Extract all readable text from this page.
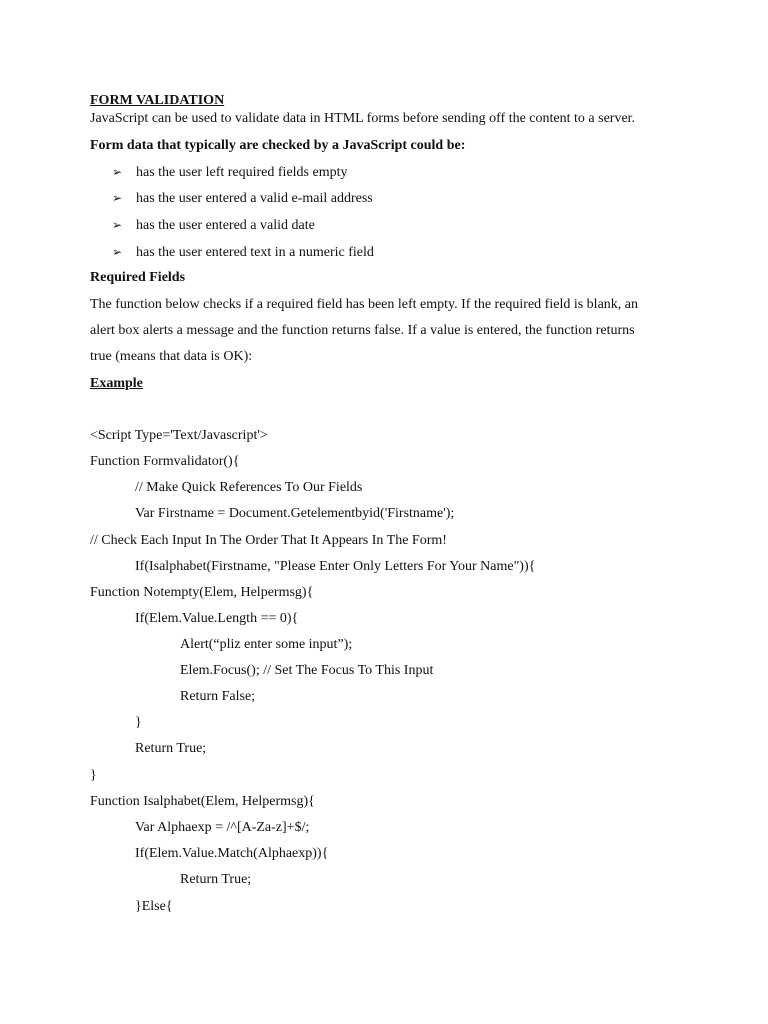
FORM VALIDATION
JavaScript can be used to validate data in HTML forms before sending off the content to a server.
Form data that typically are checked by a JavaScript could be:
➢ has the user left required fields empty
➢ has the user entered a valid e-mail address
➢ has the user entered a valid date
➢ has the user entered text in a numeric field
Required Fields
The function below checks if a required field has been left empty. If the required field is blank, an
alert box alerts a message and the function returns false. If a value is entered, the function returns
true (means that data is OK):
Example
<Script Type='Text/Javascript'>
Function Formvalidator(){
// Make Quick References To Our Fields
Var Firstname = Document.Getelementbyid('Firstname');
// Check Each Input In The Order That It Appears In The Form!
If(Isalphabet(Firstname, "Please Enter Only Letters For Your Name")){
Function Notempty(Elem, Helpermsg){
If(Elem.Value.Length == 0){
Alert(“pliz enter some input”);
Elem.Focus(); // Set The Focus To This Input
Return False;
}
Return True;
}
Function Isalphabet(Elem, Helpermsg){
Var Alphaexp = /^[A-Za-z]+$/;
If(Elem.Value.Match(Alphaexp)){
Return True;
}Else{
